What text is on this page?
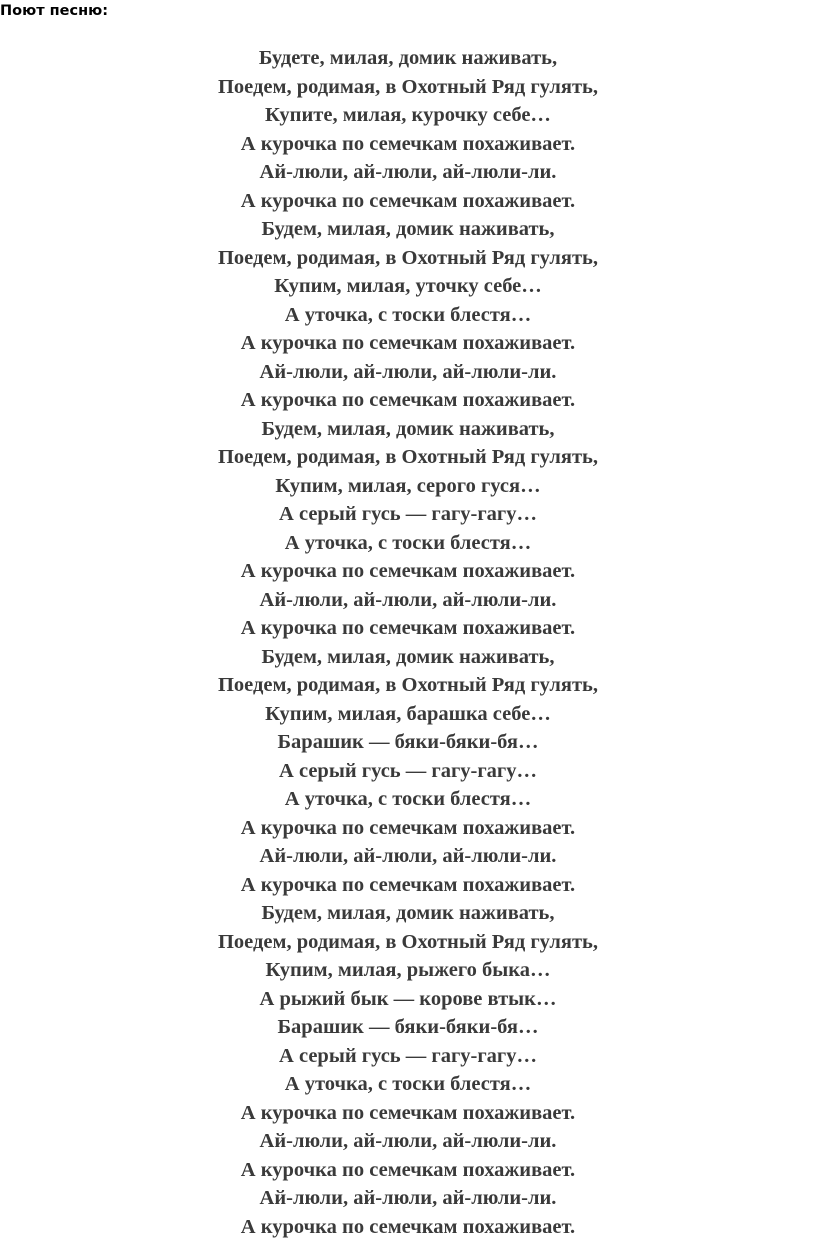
Поют песню:

Будете, милая, домик наживать,
Поедем, родимая, в Охотный Ряд гулять,
Купите, милая, курочку себе…
А курочка по семечкам похаживает.
Ай-люли, ай-люли, ай-люли-ли.
А курочка по семечкам похаживает.
Будем, милая, домик наживать,
Поедем, родимая, в Охотный Ряд гулять,
Купим, милая, уточку себе…
А уточка, с тоски блестя…
А курочка по семечкам похаживает.
Ай-люли, ай-люли, ай-люли-ли.
А курочка по семечкам похаживает.
Будем, милая, домик наживать,
Поедем, родимая, в Охотный Ряд гулять,
Купим, милая, серого гуся…
А серый гусь — гагу-гагу…
А уточка, с тоски блестя…
А курочка по семечкам похаживает.
Ай-люли, ай-люли, ай-люли-ли.
А курочка по семечкам похаживает.
Будем, милая, домик наживать,
Поедем, родимая, в Охотный Ряд гулять,
Купим, милая, барашка себе…
Барашик — бяки-бяки-бя…
А серый гусь — гагу-гагу…
А уточка, с тоски блестя…
А курочка по семечкам похаживает.
Ай-люли, ай-люли, ай-люли-ли.
А курочка по семечкам похаживает.
Будем, милая, домик наживать,
Поедем, родимая, в Охотный Ряд гулять,
Купим, милая, рыжего быка…
А рыжий бык — корове втык…
Барашик — бяки-бяки-бя…
А серый гусь — гагу-гагу…
А уточка, с тоски блестя…
А курочка по семечкам похаживает.
Ай-люли, ай-люли, ай-люли-ли.
А курочка по семечкам похаживает.
Ай-люли, ай-люли, ай-люли-ли.
А курочка по семечкам похаживает.
